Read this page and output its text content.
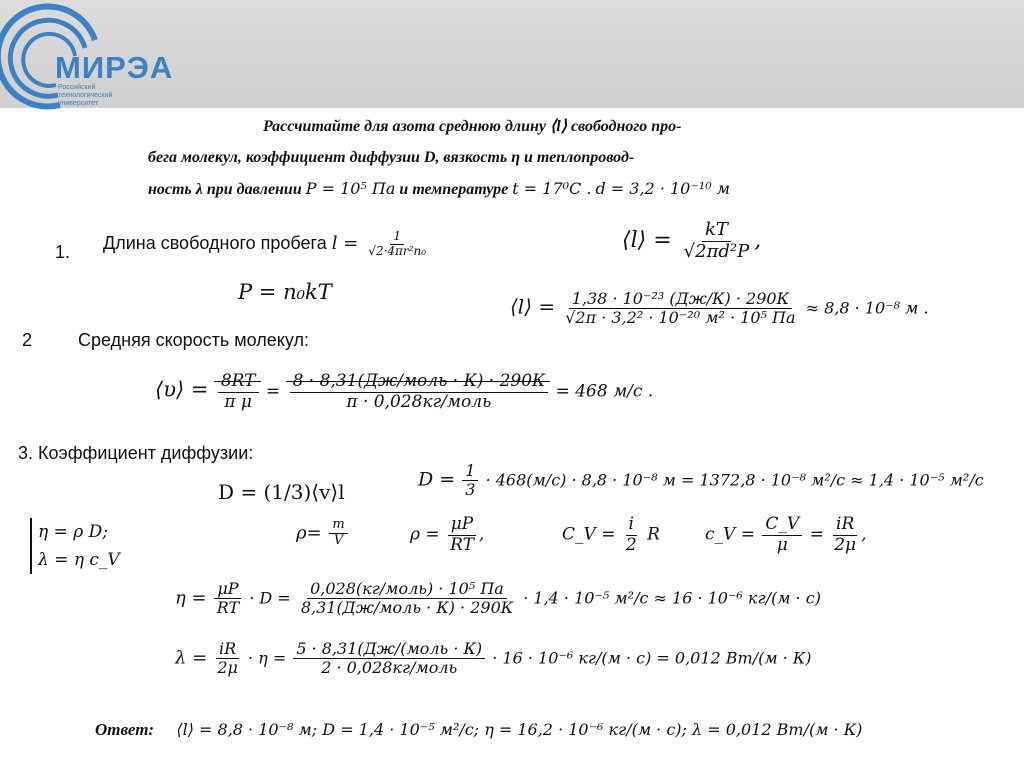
МИРЭА
Российский
технологический
университет
Рассчитайте для азота среднюю длину ⟨l⟩ свободного про-
бега молекул, коэффициент диффузии D, вязкость η и теплопровод-
ность λ при давлении P = 10⁵ Па и температуре t = 17⁰C . d = 3,2 · 10⁻¹⁰ м
1. Длина свободного пробега $l = \frac{1}{\text{√2·4πr²n₀}}$
P = n₀k𝑇
⟨l⟩ = $\frac{kT}{\text{√2πd²P}}$ ,
⟨l⟩ = $\frac{\text{1,38 · 10⁻²³ (Дж/К) · 290К}}{\text{√2π · 3,2² · 10⁻²⁰ м² · 10⁵ Па}} \approx 8,8 \cdot 10^{-8}$ м .
2	Средняя скорость молекул:
⟨υ⟩ = $\frac{8RT}{\text{π μ}} = \frac{\text{8 · 8,31(Дж/моль · К) · 290К}}{\text{π · 0,028кг/моль}} = 468$ м/с .
3. Коэффициент диффузии:
D = (1/3)⟨v⟩l
$D = \frac{1}{3} \cdot 468(м/с) \cdot 8,8 \cdot 10^{-8}$ м = 1372,8 · 10⁻⁸ м²/с ≈ 1,4 · 10⁻⁵ м²/с
η = ρ D;
λ = η c_V
$\rho= \frac{m}{V}$	$\rho = \frac{\mu P}{RT}$ ,	C_V = $\frac{i}{2}$ R	c_V = $\frac{C\_V}{\mu} = \frac{iR}{2\mu}$ ,
$\eta = \frac{\mu P}{RT} \cdot D = \frac{\text{0,028(кг/моль) · 10⁵ Па}}{\text{8,31(Дж/моль · К) · 290К}} \cdot 1,4 \cdot 10^{-5}$ м²/с ≈ 16 · 10⁻⁶ кг/(м · с)
$\lambda = \frac{iR}{2\mu} \cdot \eta = \frac{\text{5 · 8,31(Дж/(моль · К)}}{\text{2 · 0,028кг/моль}} \cdot 16 \cdot 10^{-6}$ кг/(м · с) = 0,012 Вт/(м · К)
Ответ: ⟨l⟩ = 8,8 · 10⁻⁸ м; D = 1,4 · 10⁻⁵ м²/с; η = 16,2 · 10⁻⁶ кг/(м · с); λ = 0,012 Вт/(м · К)
